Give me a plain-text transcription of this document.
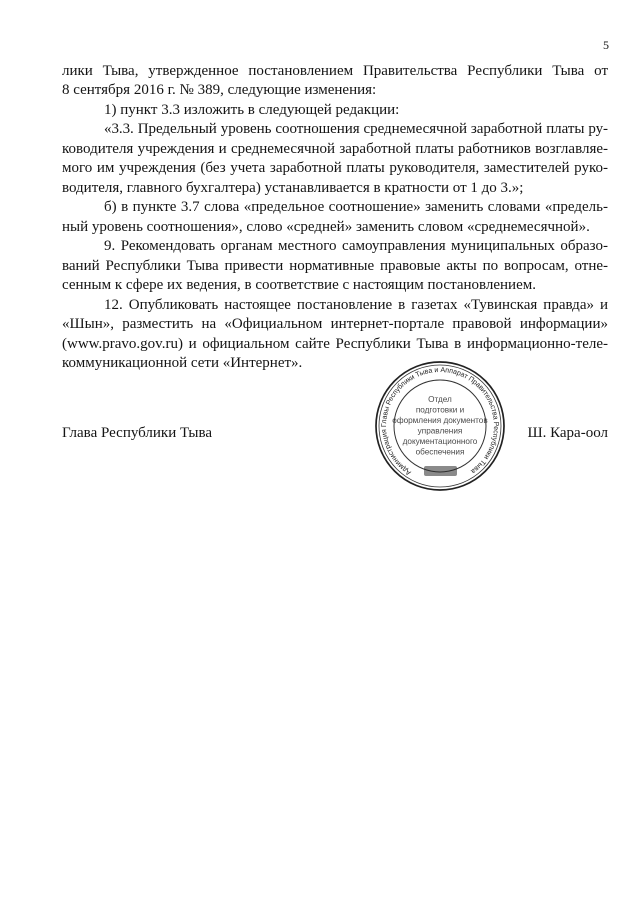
5
лики Тыва, утвержденное постановлением Правительства Республики Тыва от
8 сентября 2016 г. № 389, следующие изменения:
1) пункт 3.3 изложить в следующей редакции:
«3.3. Предельный уровень соотношения среднемесячной заработной платы ру-
ководителя учреждения и среднемесячной заработной платы работников возглавляе-
мого им учреждения (без учета заработной платы руководителя, заместителей руко-
водителя, главного бухгалтера) устанавливается в кратности от 1 до 3.»;
б) в пункте 3.7 слова «предельное соотношение» заменить словами «предель-
ный уровень соотношения», слово «средней» заменить словом «среднемесячной».
9. Рекомендовать органам местного самоуправления муниципальных образо-
ваний Республики Тыва привести нормативные правовые акты по вопросам, отне-
сенным к сфере их ведения, в соответствие с настоящим постановлением.
12. Опубликовать настоящее постановление в газетах «Тувинская правда» и
«Шын», разместить на «Официальном интернет-портале правовой информации»
(www.pravo.gov.ru) и официальном сайте Республики Тыва в информационно-теле-
коммуникационной сети «Интернет».
Глава Республики Тыва	Ш. Кара-оол
Администрация Главы Республики Тыва и Аппарат Правительства Республики Тыва
Отдел
подготовки и
оформления документов
управления
документационного
обеспечения
